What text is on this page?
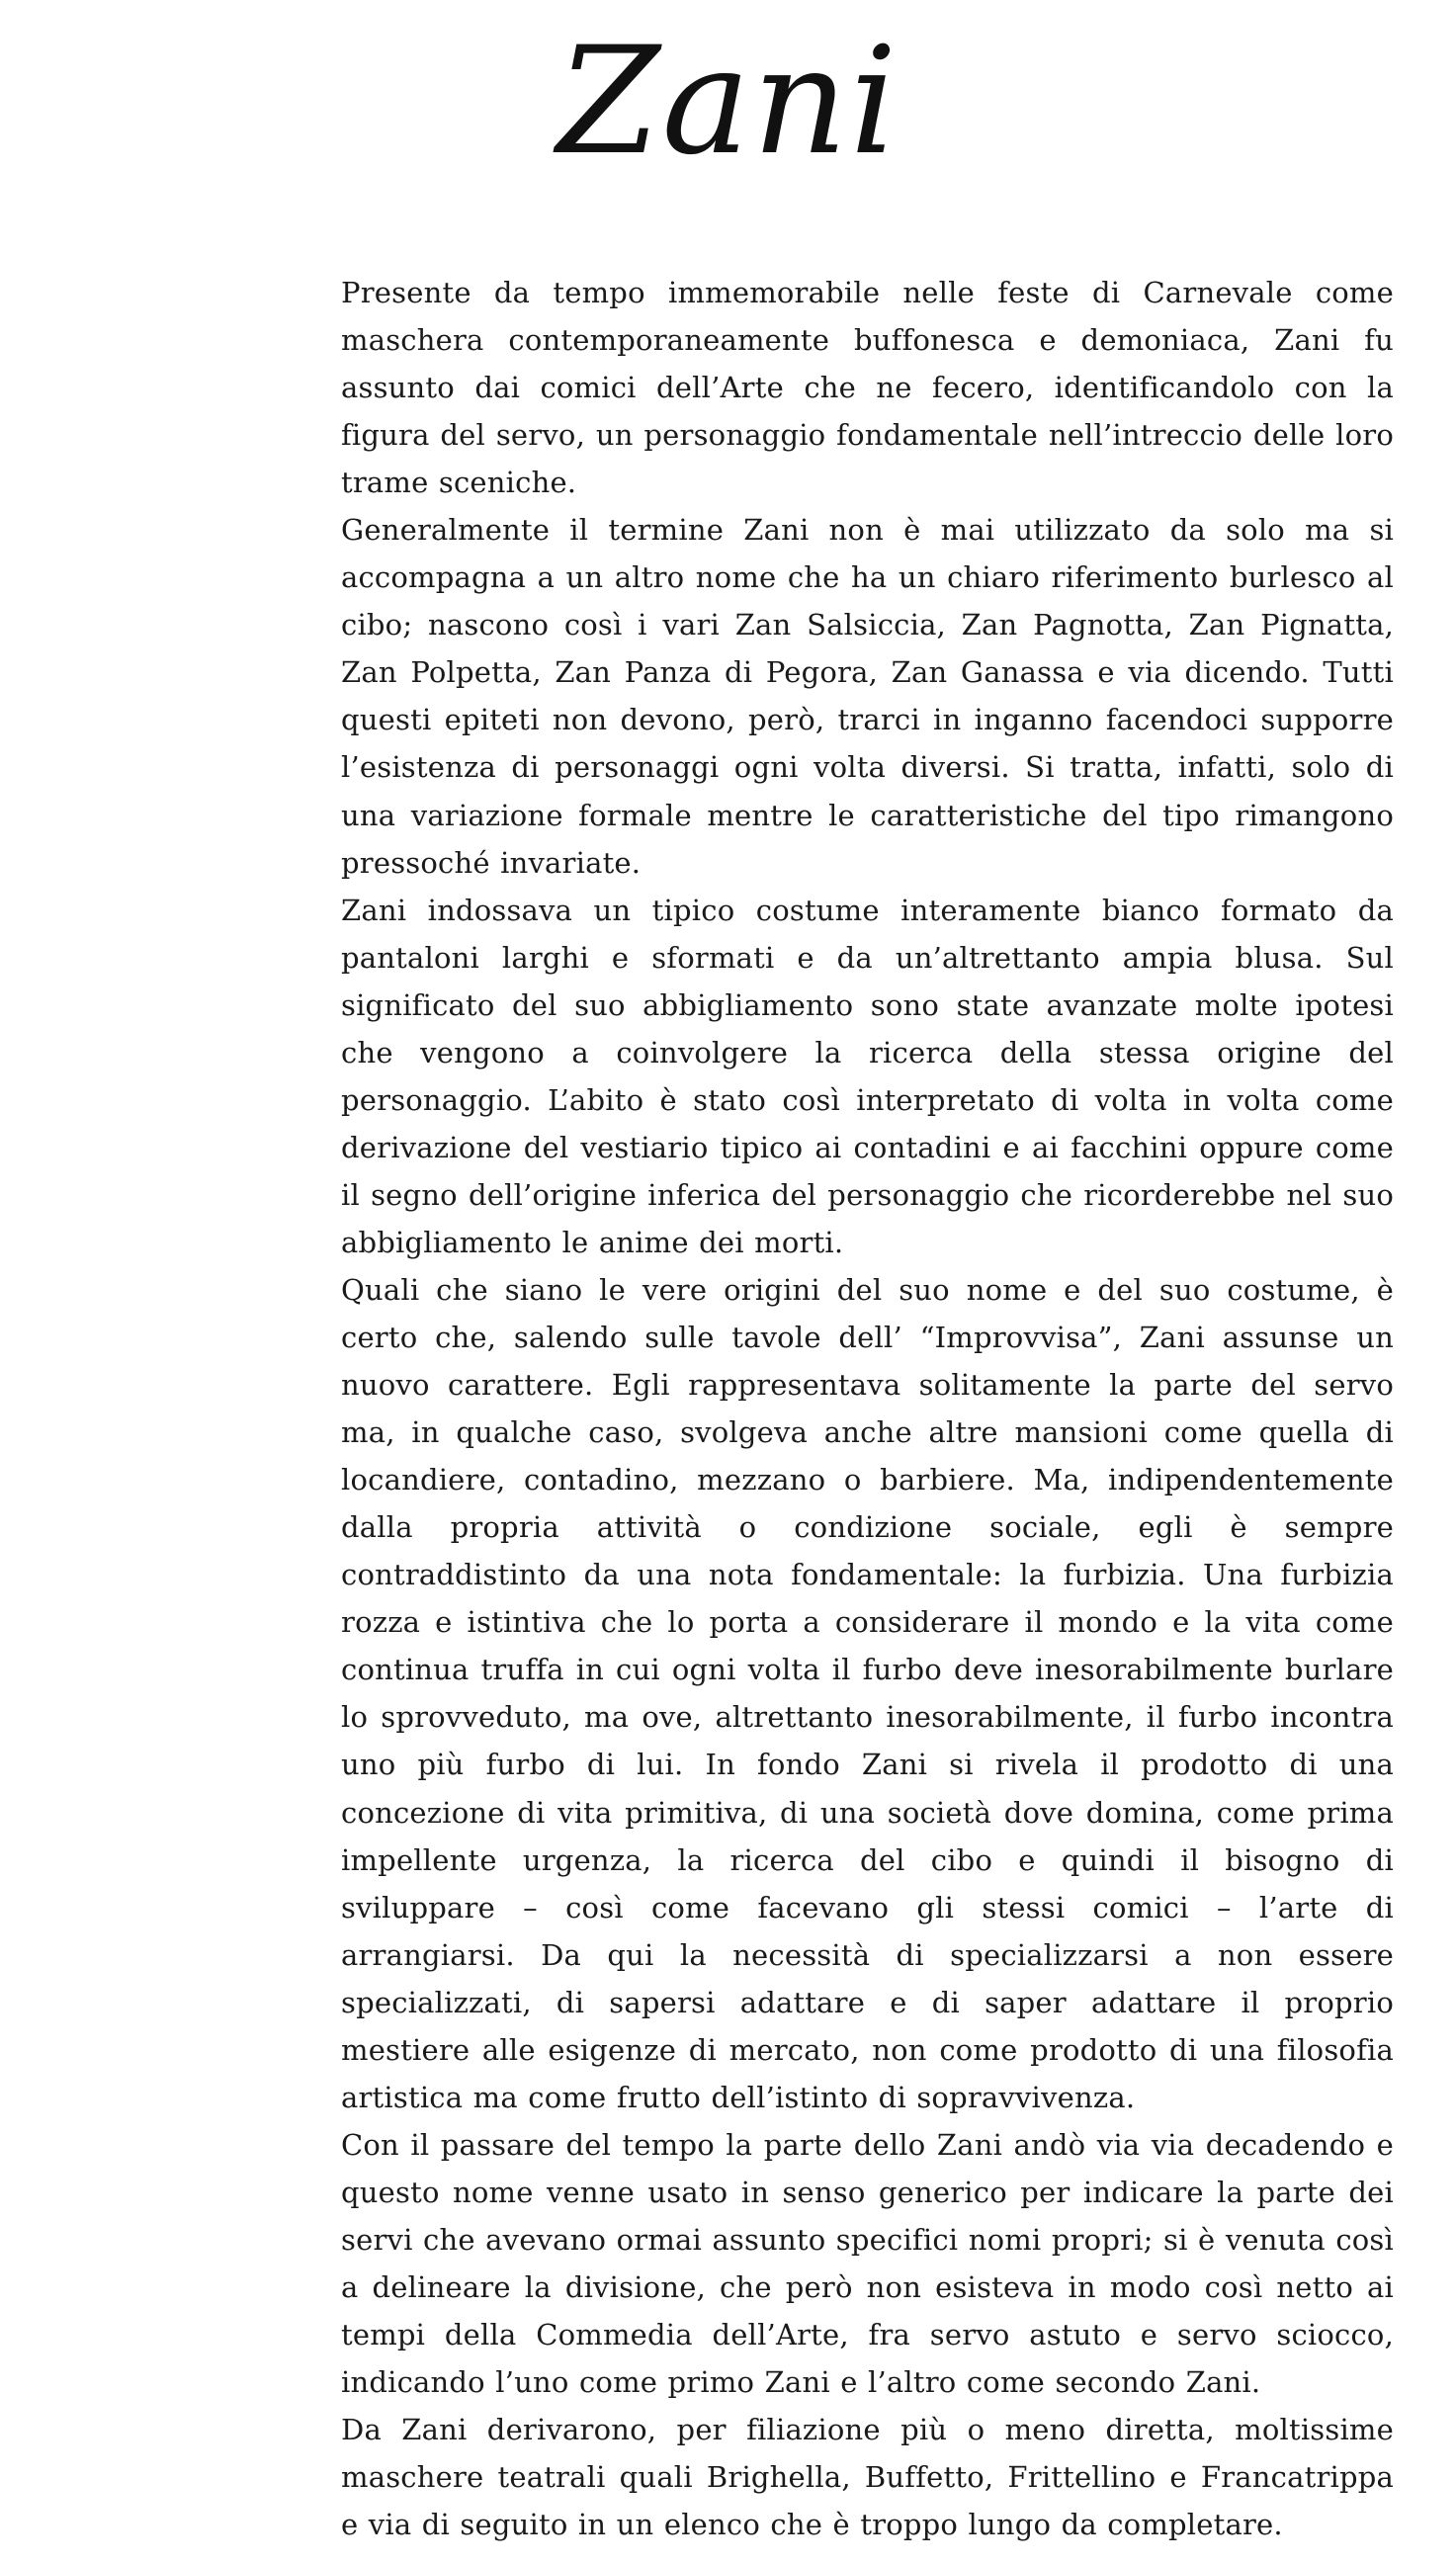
Zani

Presente da tempo immemorabile nelle feste di Carnevale come maschera contemporaneamente buffonesca e demoniaca, Zani fu assunto dai comici dell’Arte che ne fecero, identificandolo con la figura del servo, un personaggio fondamentale nell’intreccio delle loro trame sceniche.

Generalmente il termine Zani non è mai utilizzato da solo ma si accompagna a un altro nome che ha un chiaro riferimento burlesco al cibo; nascono così i vari Zan Salsiccia, Zan Pagnotta, Zan Pignatta, Zan Polpetta, Zan Panza di Pegora, Zan Ganassa e via dicendo. Tutti questi epiteti non devono, però, trarci in inganno facendoci supporre l’esistenza di personaggi ogni volta diversi. Si tratta, infatti, solo di una variazione formale mentre le caratteristiche del tipo rimangono pressoché invariate.

Zani indossava un tipico costume interamente bianco formato da pantaloni larghi e sformati e da un’altrettanto ampia blusa. Sul significato del suo abbigliamento sono state avanzate molte ipotesi che vengono a coinvolgere la ricerca della stessa origine del personaggio. L’abito è stato così interpretato di volta in volta come derivazione del vestiario tipico ai contadini e ai facchini oppure come il segno dell’origine inferica del personaggio che ricorderebbe nel suo abbigliamento le anime dei morti.

Quali che siano le vere origini del suo nome e del suo costume, è certo che, salendo sulle tavole dell’ “Improvvisa”, Zani assunse un nuovo carattere. Egli rappresentava solitamente la parte del servo ma, in qualche caso, svolgeva anche altre mansioni come quella di locandiere, contadino, mezzano o barbiere. Ma, indipendentemente dalla propria attività o condizione sociale, egli è sempre contraddistinto da una nota fondamentale: la furbizia. Una furbizia rozza e istintiva che lo porta a considerare il mondo e la vita come continua truffa in cui ogni volta il furbo deve inesorabilmente burlare lo sprovveduto, ma ove, altrettanto inesorabilmente, il furbo incontra uno più furbo di lui. In fondo Zani si rivela il prodotto di una concezione di vita primitiva, di una società dove domina, come prima impellente urgenza, la ricerca del cibo e quindi il bisogno di sviluppare – così come facevano gli stessi comici – l’arte di arrangiarsi. Da qui la necessità di specializzarsi a non essere specializzati, di sapersi adattare e di saper adattare il proprio mestiere alle esigenze di mercato, non come prodotto di una filosofia artistica ma come frutto dell’istinto di sopravvivenza.

Con il passare del tempo la parte dello Zani andò via via decadendo e questo nome venne usato in senso generico per indicare la parte dei servi che avevano ormai assunto specifici nomi propri; si è venuta così a delineare la divisione, che però non esisteva in modo così netto ai tempi della Commedia dell’Arte, fra servo astuto e servo sciocco, indicando l’uno come primo Zani e l’altro come secondo Zani.

Da Zani derivarono, per filiazione più o meno diretta, moltissime maschere teatrali quali Brighella, Buffetto, Frittellino e Francatrippa e via di seguito in un elenco che è troppo lungo da completare.
